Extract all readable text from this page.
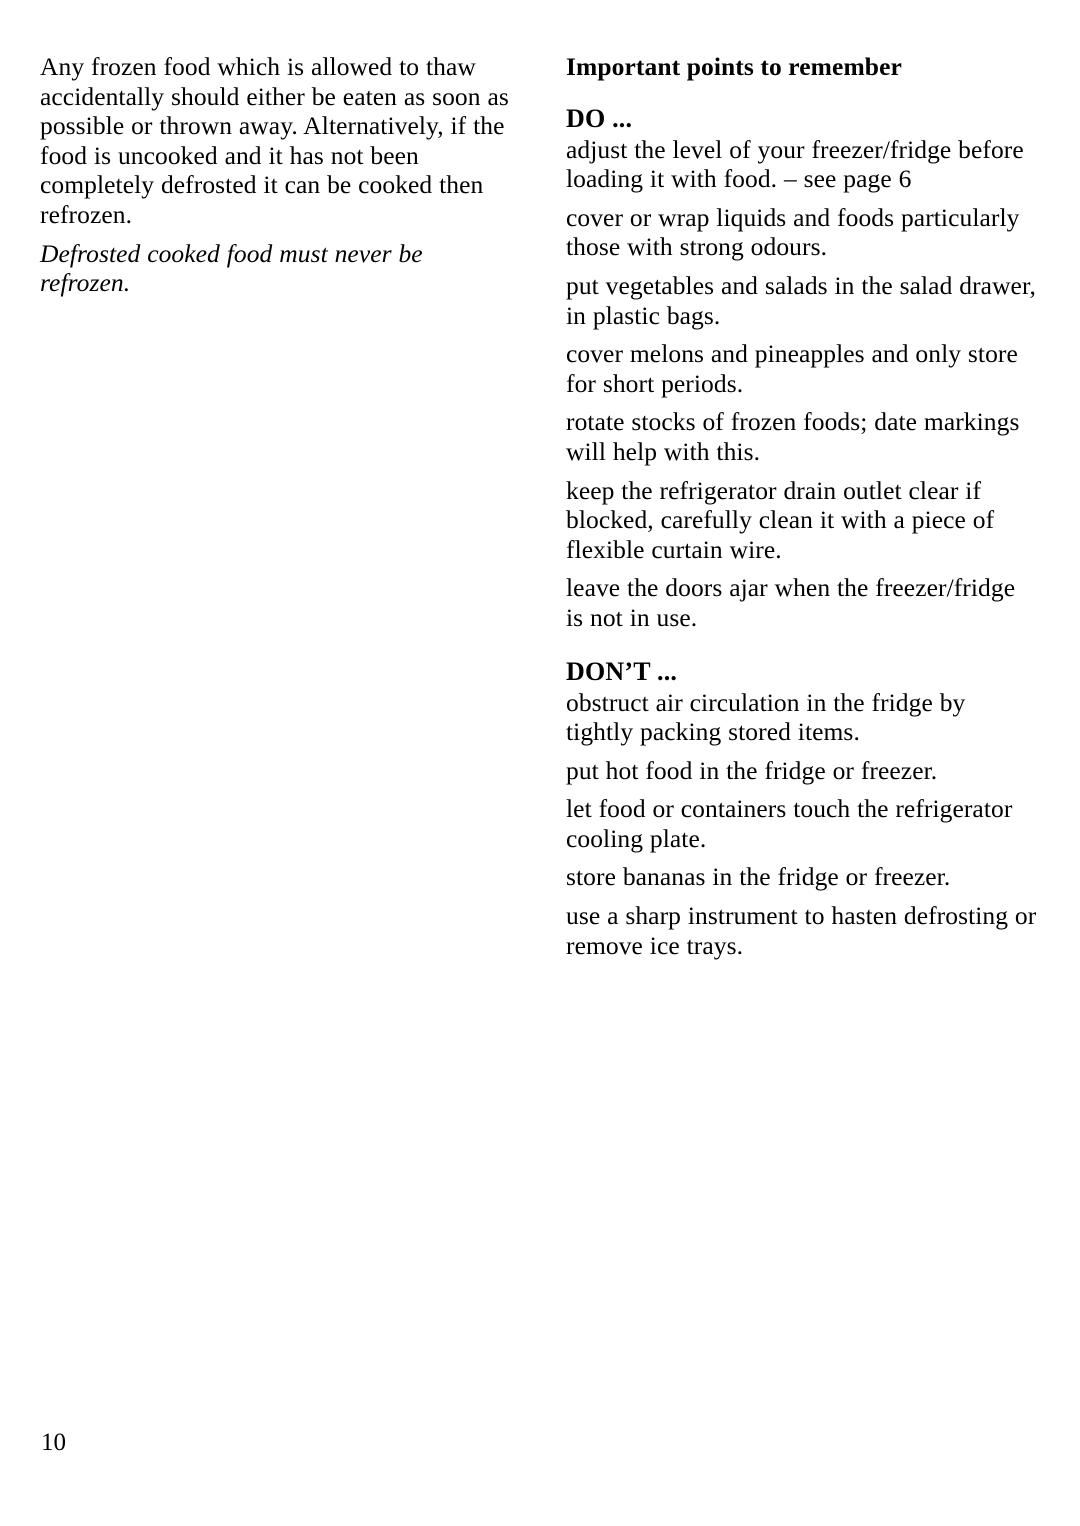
Any frozen food which is allowed to thaw accidentally should either be eaten as soon as possible or thrown away. Alternatively, if the food is uncooked and it has not been completely defrosted it can be cooked then refrozen.

Defrosted cooked food must never be refrozen.

Important points to remember

DO ...

adjust the level of your freezer/fridge before loading it with food. – see page 6

cover or wrap liquids and foods particularly those with strong odours.

put vegetables and salads in the salad drawer, in plastic bags.

cover melons and pineapples and only store for short periods.

rotate stocks of frozen foods; date markings will help with this.

keep the refrigerator drain outlet clear if blocked, carefully clean it with a piece of flexible curtain wire.

leave the doors ajar when the freezer/fridge is not in use.

DON’T ...

obstruct air circulation in the fridge by tightly packing stored items.

put hot food in the fridge or freezer.

let food or containers touch the refrigerator cooling plate.

store bananas in the fridge or freezer.

use a sharp instrument to hasten defrosting or remove ice trays.

10
